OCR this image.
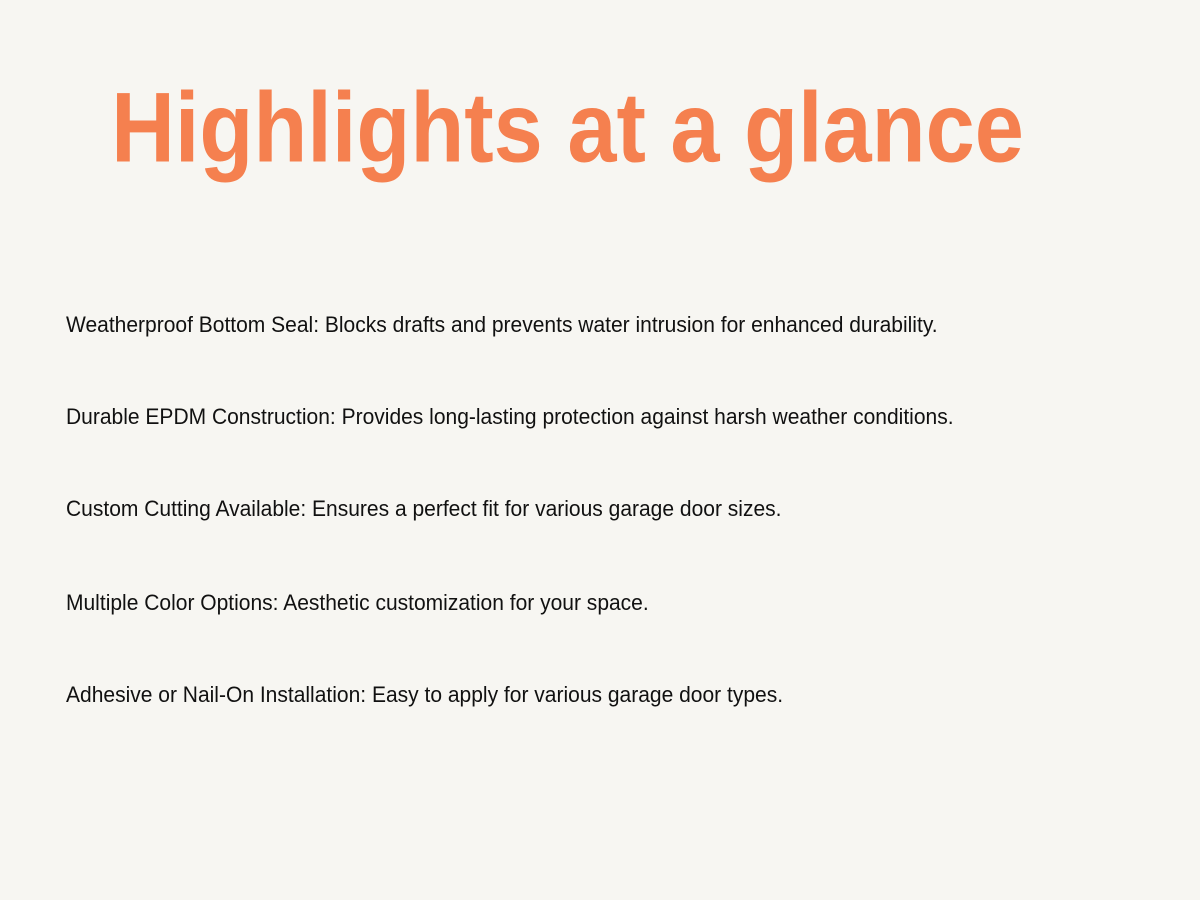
Highlights at a glance
Weatherproof Bottom Seal: Blocks drafts and prevents water intrusion for enhanced durability.
Durable EPDM Construction: Provides long-lasting protection against harsh weather conditions.
Custom Cutting Available: Ensures a perfect fit for various garage door sizes.
Multiple Color Options: Aesthetic customization for your space.
Adhesive or Nail-On Installation: Easy to apply for various garage door types.
